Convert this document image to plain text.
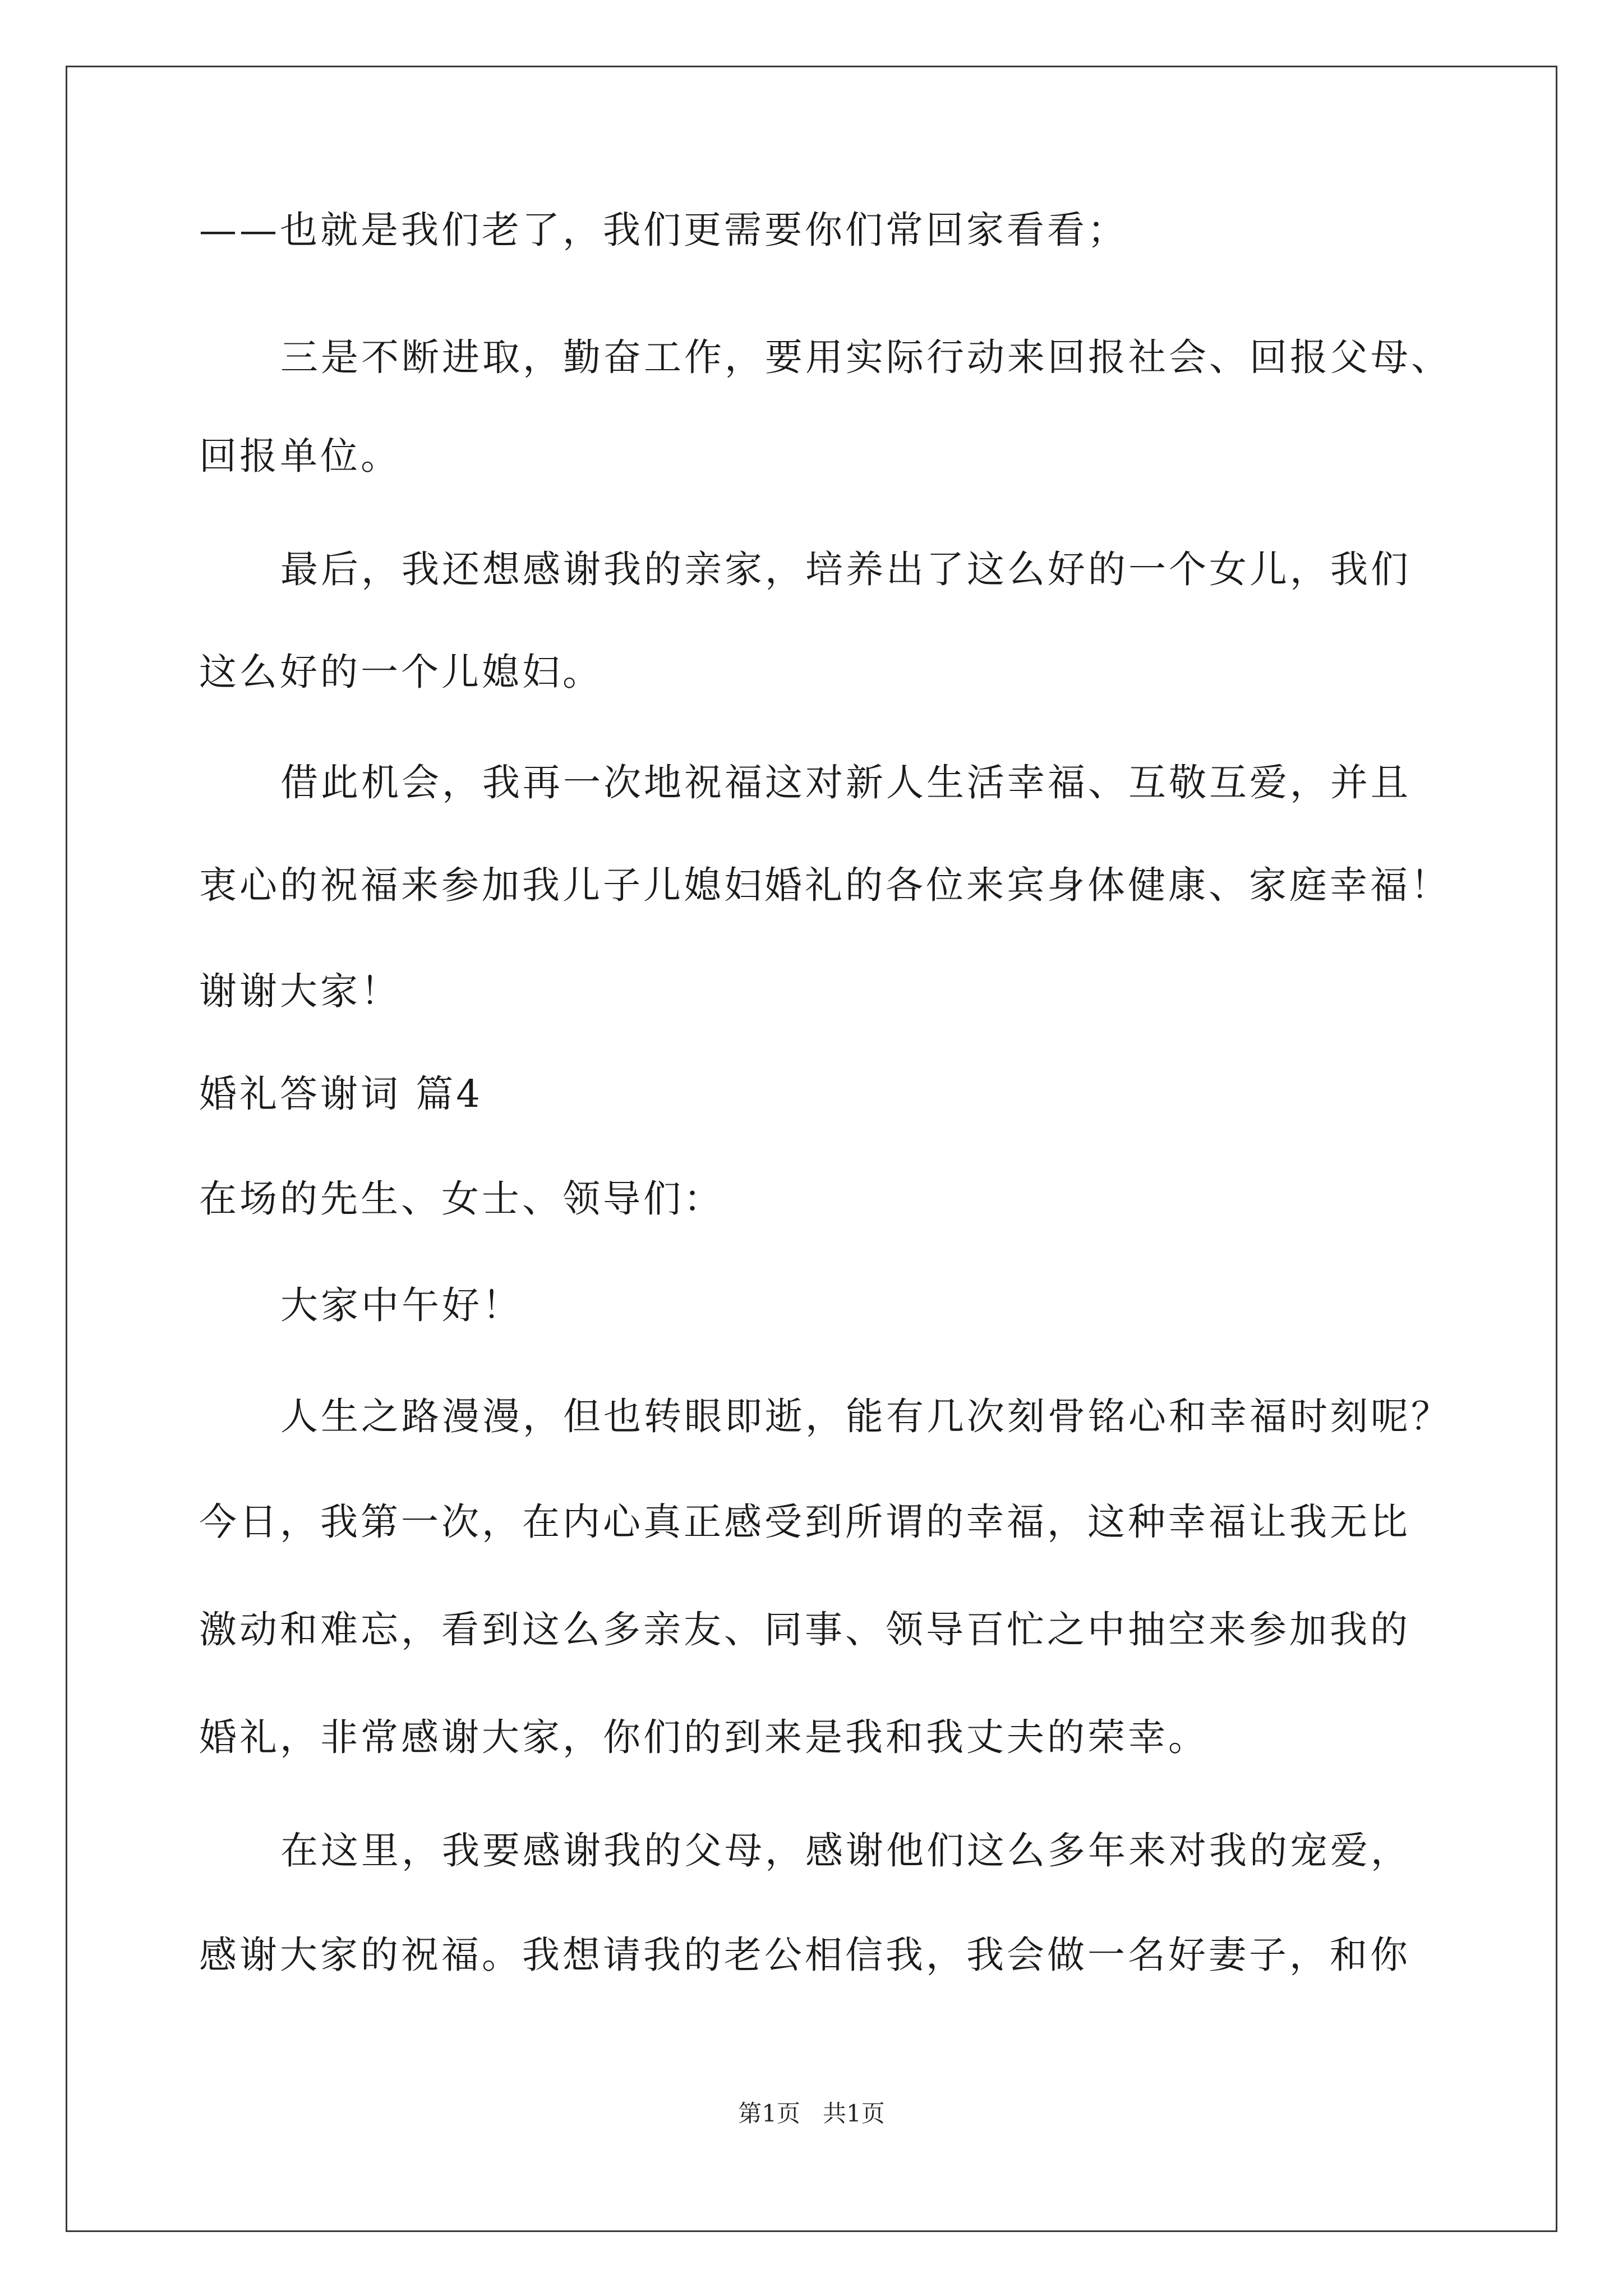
——也就是我们老了，我们更需要你们常回家看看；
三是不断进取，勤奋工作，要用实际行动来回报社会、回报父母、
回报单位。
最后，我还想感谢我的亲家，培养出了这么好的一个女儿，我们
这么好的一个儿媳妇。
借此机会，我再一次地祝福这对新人生活幸福、互敬互爱，并且
衷心的祝福来参加我儿子儿媳妇婚礼的各位来宾身体健康、家庭幸福！
谢谢大家！
婚礼答谢词 篇4
在场的先生、女士、领导们：
大家中午好！
人生之路漫漫，但也转眼即逝，能有几次刻骨铭心和幸福时刻呢？
今日，我第一次，在内心真正感受到所谓的幸福，这种幸福让我无比
激动和难忘，看到这么多亲友、同事、领导百忙之中抽空来参加我的
婚礼，非常感谢大家，你们的到来是我和我丈夫的荣幸。
在这里，我要感谢我的父母，感谢他们这么多年来对我的宠爱，
感谢大家的祝福。我想请我的老公相信我，我会做一名好妻子，和你
第1页 共1页
